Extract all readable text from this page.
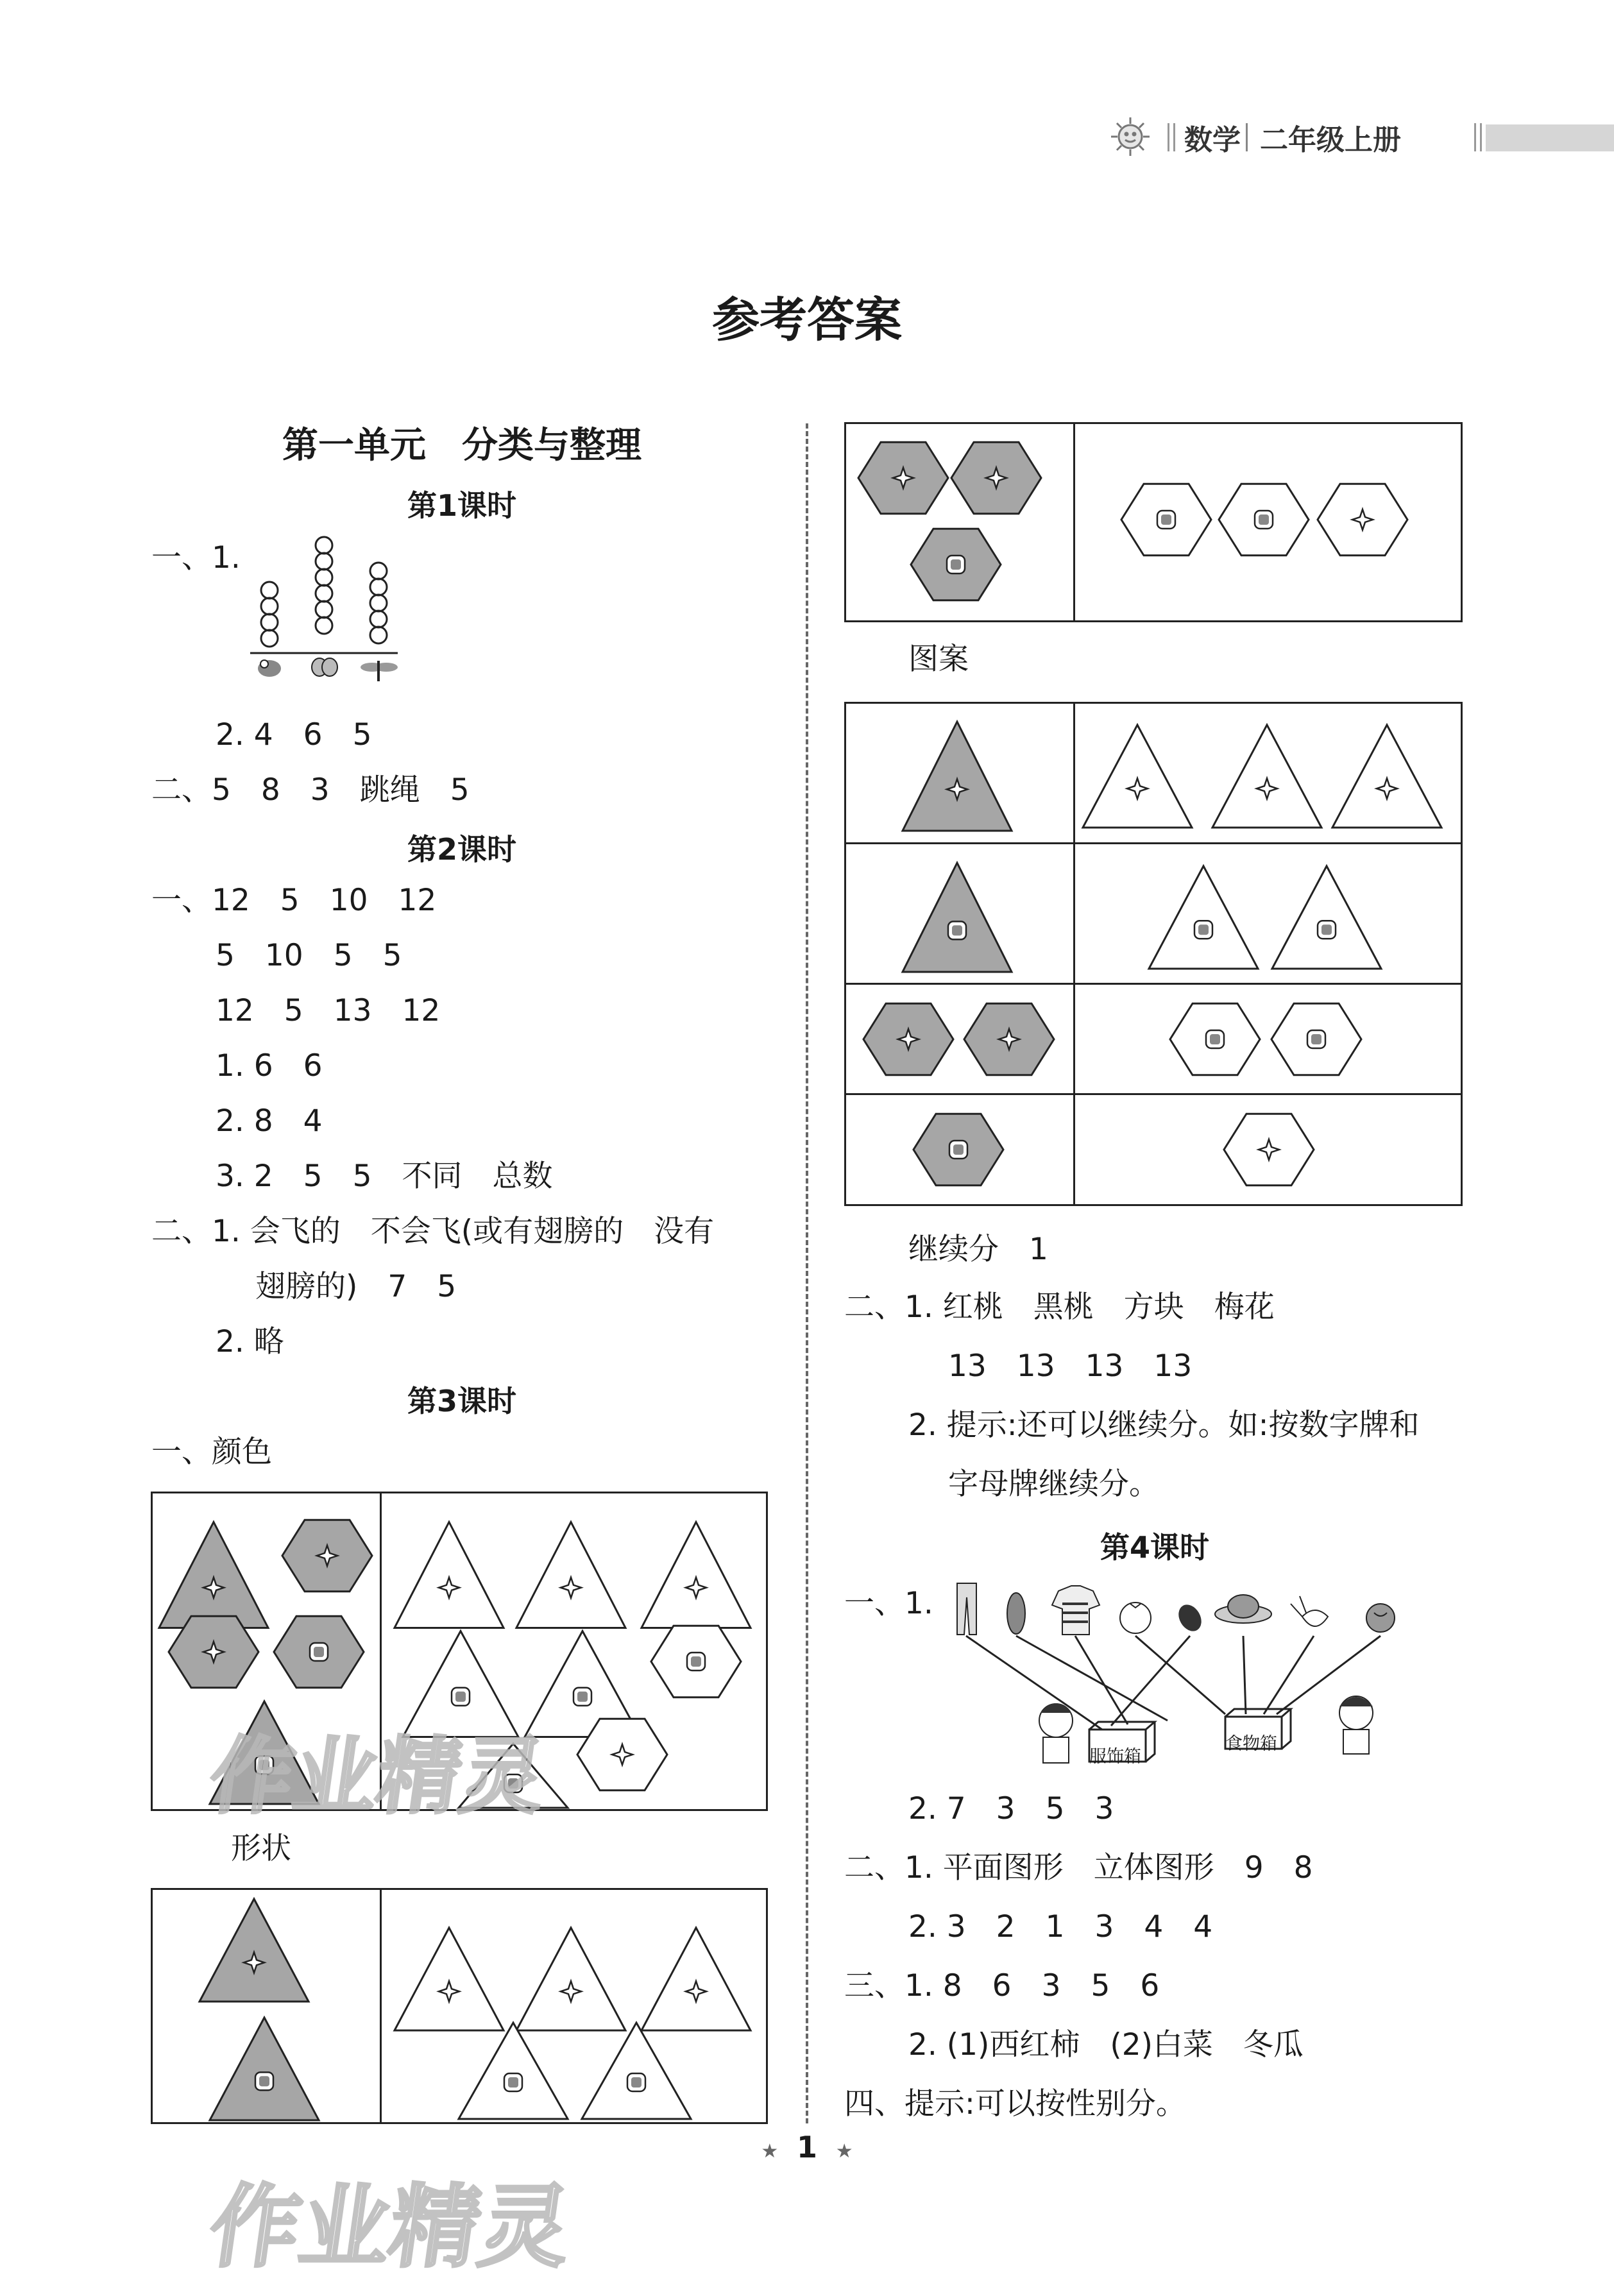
数学 二年级上册
参考答案
第一单元　分类与整理
第1课时
一、1.
2. 4　6　5
二、5　8　3　跳绳　5
第2课时
一、12　5　10　12
5　10　5　5
12　5　13　12
1. 6　6
2. 8　4
3. 2　5　5　不同　总数
二、1. 会飞的　不会飞(或有翅膀的　没有
翅膀的)　7　5
2. 略
第3课时
一、颜色
形状
图案
继续分　1
二、1. 红桃　黑桃　方块　梅花
13　13　13　13
2. 提示:还可以继续分。如:按数字牌和
字母牌继续分。
第4课时
一、1.
服饰箱
食物箱
2. 7　3　5　3
二、1. 平面图形　立体图形　9　8
2. 3　2　1　3　4　4
三、1. 8　6　3　5　6
2. (1)西红柿　(2)白菜　冬瓜
四、提示:可以按性别分。
作业精灵
作业精灵
★ 1 ★
